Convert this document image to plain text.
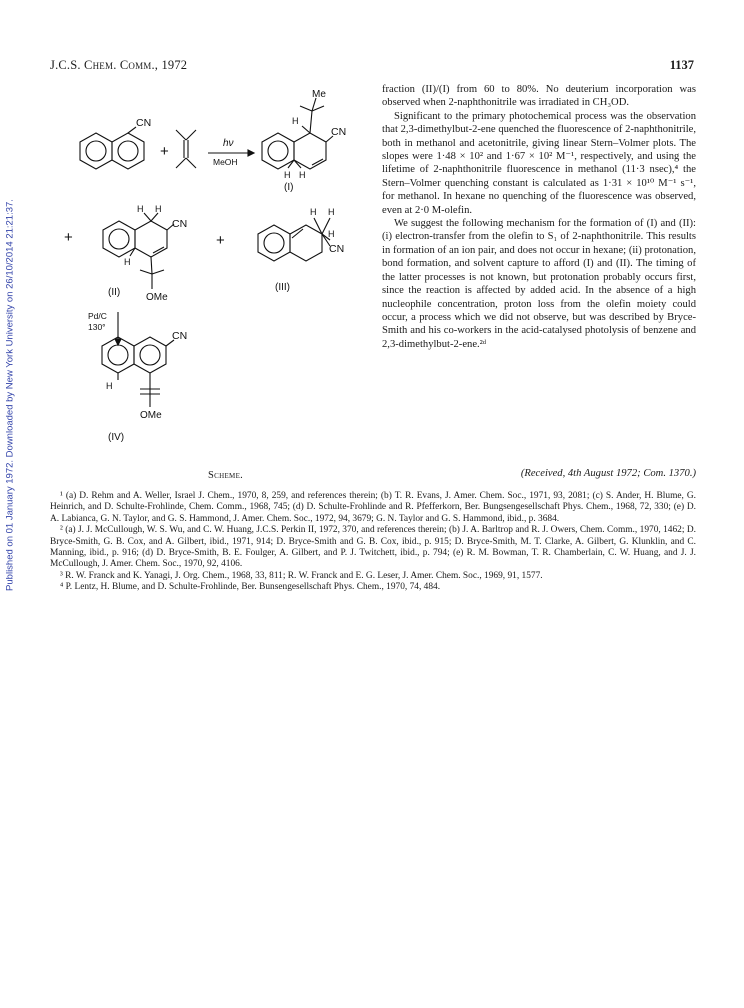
Published on 01 January 1972. Downloaded by New York University on 26/10/2014 21:21:37.
J.C.S. Chem. Comm., 1972	1137
CN
+	hν
MeOH
Me
H
CN
H H
(I)
+
H H
CN
H
OMe
(II)
+
H H
H
CN
(III)
Pd/C
130°
CN
H
OMe
(IV)
Scheme.

fraction (II)/(I) from 60 to 80%. No deuterium incorporation was observed when 2-naphthonitrile was irradiated in CH₃OD.

Significant to the primary photochemical process was the observation that 2,3-dimethylbut-2-ene quenched the fluorescence of 2-naphthonitrile, both in methanol and acetonitrile, giving linear Stern–Volmer plots. The slopes were 1·48 × 10² and 1·67 × 10² M⁻¹, respectively, and using the lifetime of 2-naphthonitrile fluorescence in methanol (11·3 nsec),⁴ the Stern–Volmer quenching constant is calculated as 1·31 × 10¹⁰ M⁻¹ s⁻¹, for methanol. In hexane no quenching of the fluorescence was observed, even at 2·0 M-olefin.

We suggest the following mechanism for the formation of (I) and (II): (i) electron-transfer from the olefin to S₁ of 2-naphthonitrile. This results in formation of an ion pair, and does not occur in hexane; (ii) protonation, bond formation, and solvent capture to afford (I) and (II). The timing of the latter processes is not known, but protonation probably occurs first, since the reaction is affected by added acid. In the absence of a high nucleophile concentration, proton loss from the olefin moiety could occur, a process which we did not observe, but was described by Bryce-Smith and his co-workers in the acid-catalysed photolysis of benzene and 2,3-dimethylbut-2-ene.²ᵈ

(Received, 4th August 1972; Com. 1370.)

¹ (a) D. Rehm and A. Weller, Israel J. Chem., 1970, 8, 259, and references therein; (b) T. R. Evans, J. Amer. Chem. Soc., 1971, 93, 2081; (c) S. Ander, H. Blume, G. Heinrich, and D. Schulte-Frohlinde, Chem. Comm., 1968, 745; (d) D. Schulte-Frohlinde and R. Pfefferkorn, Ber. Bungsengesellschaft Phys. Chem., 1968, 72, 330; (e) D. A. Labianca, G. N. Taylor, and G. S. Hammond, J. Amer. Chem. Soc., 1972, 94, 3679; G. N. Taylor and G. S. Hammond, ibid., p. 3684.

² (a) J. J. McCullough, W. S. Wu, and C. W. Huang, J.C.S. Perkin II, 1972, 370, and references therein; (b) J. A. Barltrop and R. J. Owers, Chem. Comm., 1970, 1462; D. Bryce-Smith, G. B. Cox, and A. Gilbert, ibid., 1971, 914; D. Bryce-Smith and G. B. Cox, ibid., p. 915; D. Bryce-Smith, M. T. Clarke, A. Gilbert, G. Klunklin, and C. Manning, ibid., p. 916; (d) D. Bryce-Smith, B. E. Foulger, A. Gilbert, and P. J. Twitchett, ibid., p. 794; (e) R. M. Bowman, T. R. Chamberlain, C. W. Huang, and J. J. McCullough, J. Amer. Chem. Soc., 1970, 92, 4106.

³ R. W. Franck and K. Yanagi, J. Org. Chem., 1968, 33, 811; R. W. Franck and E. G. Leser, J. Amer. Chem. Soc., 1969, 91, 1577.

⁴ P. Lentz, H. Blume, and D. Schulte-Frohlinde, Ber. Bunsengesellschaft Phys. Chem., 1970, 74, 484.
